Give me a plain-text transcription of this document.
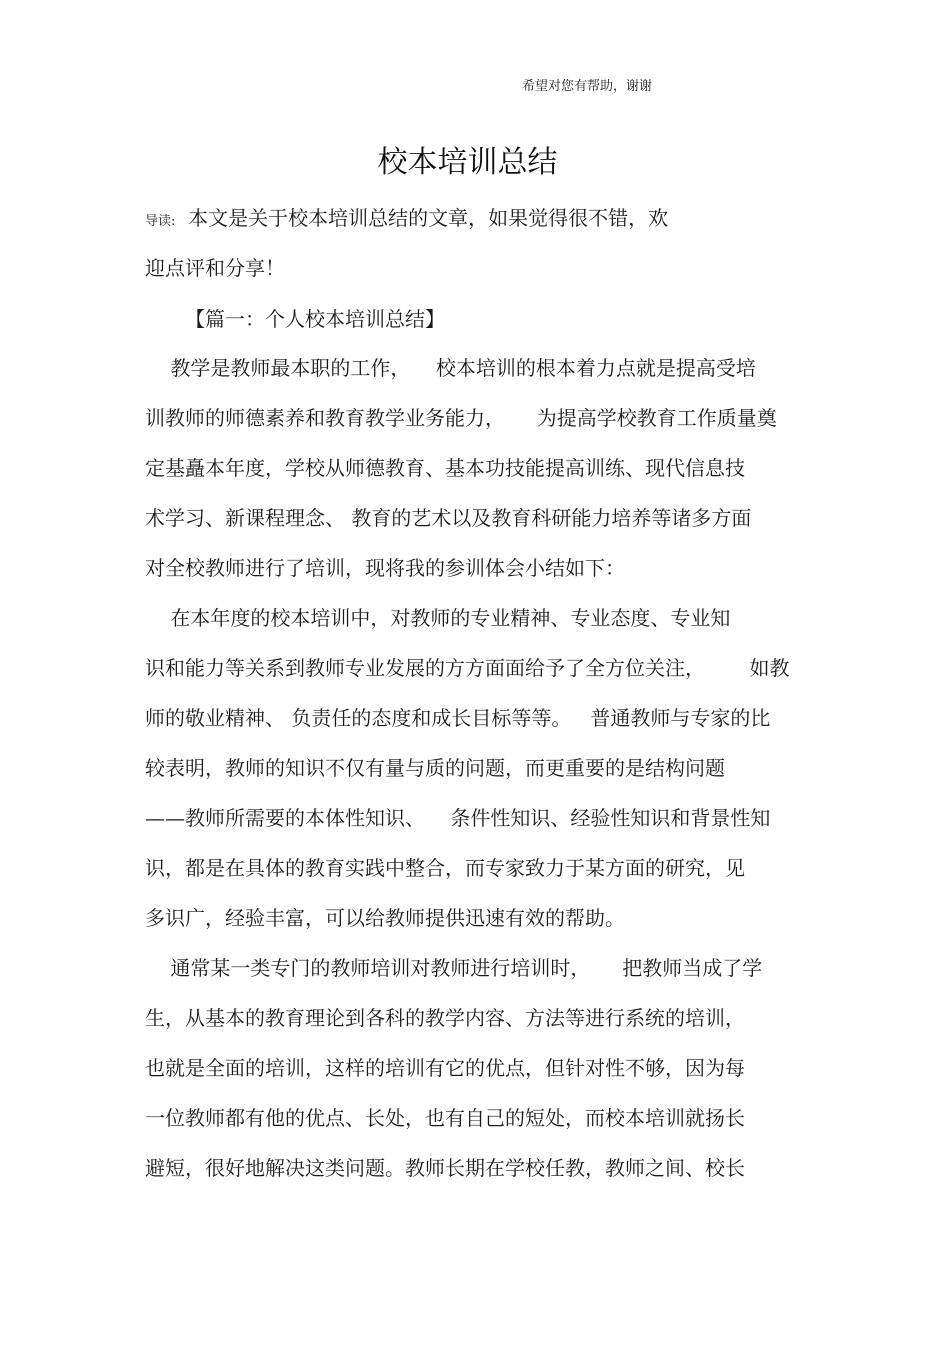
希望对您有帮助，谢谢
校本培训总结
导读:  本文是关于校本培训总结的文章，如果觉得很不错，欢
迎点评和分享！
【篇一：个人校本培训总结】
教学是教师最本职的工作，    校本培训的根本着力点就是提高受培
训教师的师德素养和教育教学业务能力，     为提高学校教育工作质量奠
定基矗本年度，学校从师德教育、基本功技能提高训练、现代信息技
术学习、新课程理念、 教育的艺术以及教育科研能力培养等诸多方面
对全校教师进行了培训，现将我的参训体会小结如下：
在本年度的校本培训中，对教师的专业精神、专业态度、专业知
识和能力等关系到教师专业发展的方方面面给予了全方位关注，       如教
师的敬业精神、 负责任的态度和成长目标等等。   普通教师与专家的比
较表明，教师的知识不仅有量与质的问题，而更重要的是结构问题
——教师所需要的本体性知识、    条件性知识、经验性知识和背景性知
识，都是在具体的教育实践中整合，而专家致力于某方面的研究，见
多识广，经验丰富，可以给教师提供迅速有效的帮助。
通常某一类专门的教师培训对教师进行培训时，     把教师当成了学
生，从基本的教育理论到各科的教学内容、方法等进行系统的培训，
也就是全面的培训，这样的培训有它的优点，但针对性不够，因为每
一位教师都有他的优点、长处，也有自己的短处，而校本培训就扬长
避短，很好地解决这类问题。教师长期在学校任教，教师之间、校长
